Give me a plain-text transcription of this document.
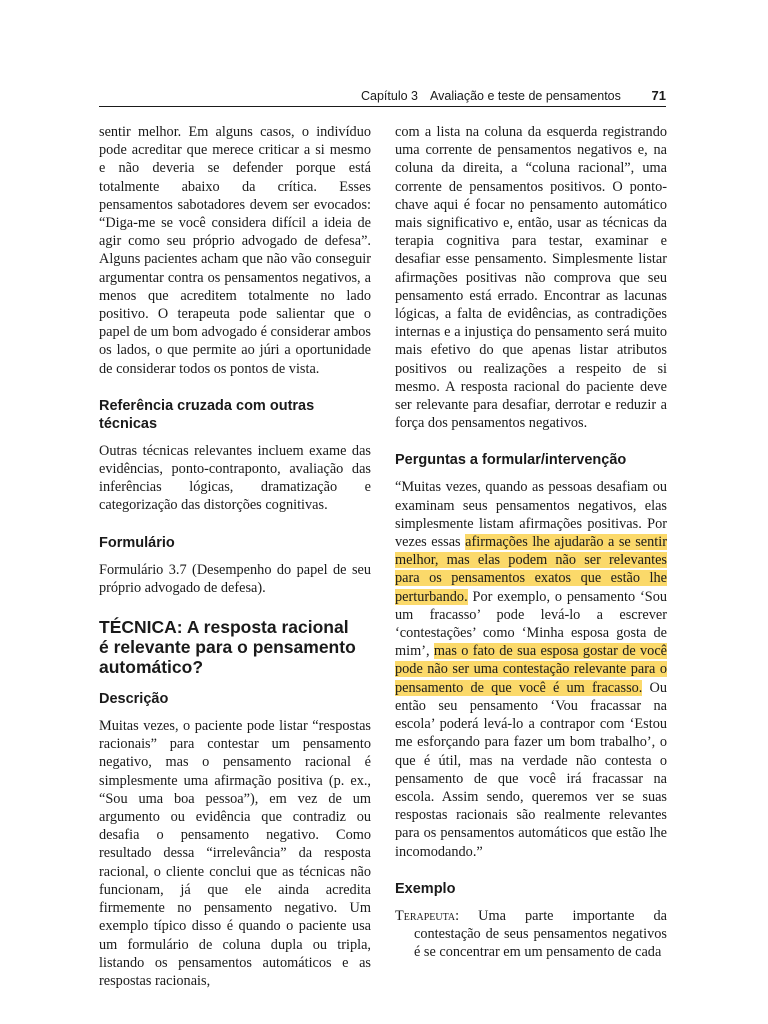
Capítulo 3 Avaliação e teste de pensamentos 71

sentir melhor. Em alguns casos, o indivíduo pode acreditar que merece criticar a si mesmo e não deveria se defender porque está totalmente abaixo da crítica. Esses pensamentos sabotadores devem ser evocados: “Diga-me se você considera difícil a ideia de agir como seu próprio advogado de defesa”. Alguns pacientes acham que não vão conseguir argumentar contra os pensamentos negativos, a menos que acreditem totalmente no lado positivo. O terapeuta pode salientar que o papel de um bom advogado é considerar ambos os lados, o que permite ao júri a oportunidade de considerar todos os pontos de vista.

Referência cruzada com outras técnicas

Outras técnicas relevantes incluem exame das evidências, ponto-contraponto, avaliação das inferências lógicas, dramatização e categorização das distorções cognitivas.

Formulário

Formulário 3.7 (Desempenho do papel de seu próprio advogado de defesa).

TÉCNICA: A resposta racional
é relevante para o pensamento
automático?
Descrição

Muitas vezes, o paciente pode listar “respostas racionais” para contestar um pensamento negativo, mas o pensamento racional é simplesmente uma afirmação positiva (p. ex., “Sou uma boa pessoa”), em vez de um argumento ou evidência que contradiz ou desafia o pensamento negativo. Como resultado dessa “irrelevância” da resposta racional, o cliente conclui que as técnicas não funcionam, já que ele ainda acredita firmemente no pensamento negativo. Um exemplo típico disso é quando o paciente usa um formulário de coluna dupla ou tripla, listando os pensamentos automáticos e as respostas racionais,

com a lista na coluna da esquerda registrando uma corrente de pensamentos negativos e, na coluna da direita, a “coluna racional”, uma corrente de pensamentos positivos. O ponto-chave aqui é focar no pensamento automático mais significativo e, então, usar as técnicas da terapia cognitiva para testar, examinar e desafiar esse pensamento. Simplesmente listar afirmações positivas não comprova que seu pensamento está errado. Encontrar as lacunas lógicas, a falta de evidências, as contradições internas e a injustiça do pensamento será muito mais efetivo do que apenas listar atributos positivos ou realizações a respeito de si mesmo. A resposta racional do paciente deve ser relevante para desafiar, derrotar e reduzir a força dos pensamentos negativos.

Perguntas a formular/intervenção

“Muitas vezes, quando as pessoas desafiam ou examinam seus pensamentos negativos, elas simplesmente listam afirmações positivas. Por vezes essas afirmações lhe ajudarão a se sentir melhor, mas elas podem não ser relevantes para os pensamentos exatos que estão lhe perturbando. Por exemplo, o pensamento ‘Sou um fracasso’ pode levá-lo a escrever ‘contestações’ como ‘Minha esposa gosta de mim’, mas o fato de sua esposa gostar de você pode não ser uma contestação relevante para o pensamento de que você é um fracasso. Ou então seu pensamento ‘Vou fracassar na escola’ poderá levá-lo a contrapor com ‘Estou me esforçando para fazer um bom trabalho’, o que é útil, mas na verdade não contesta o pensamento de que você irá fracassar na escola. Assim sendo, queremos ver se suas respostas racionais são realmente relevantes para os pensamentos automáticos que estão lhe incomodando.”

Exemplo

Terapeuta: Uma parte importante da contestação de seus pensamentos negativos é se concentrar em um pensamento de cada
